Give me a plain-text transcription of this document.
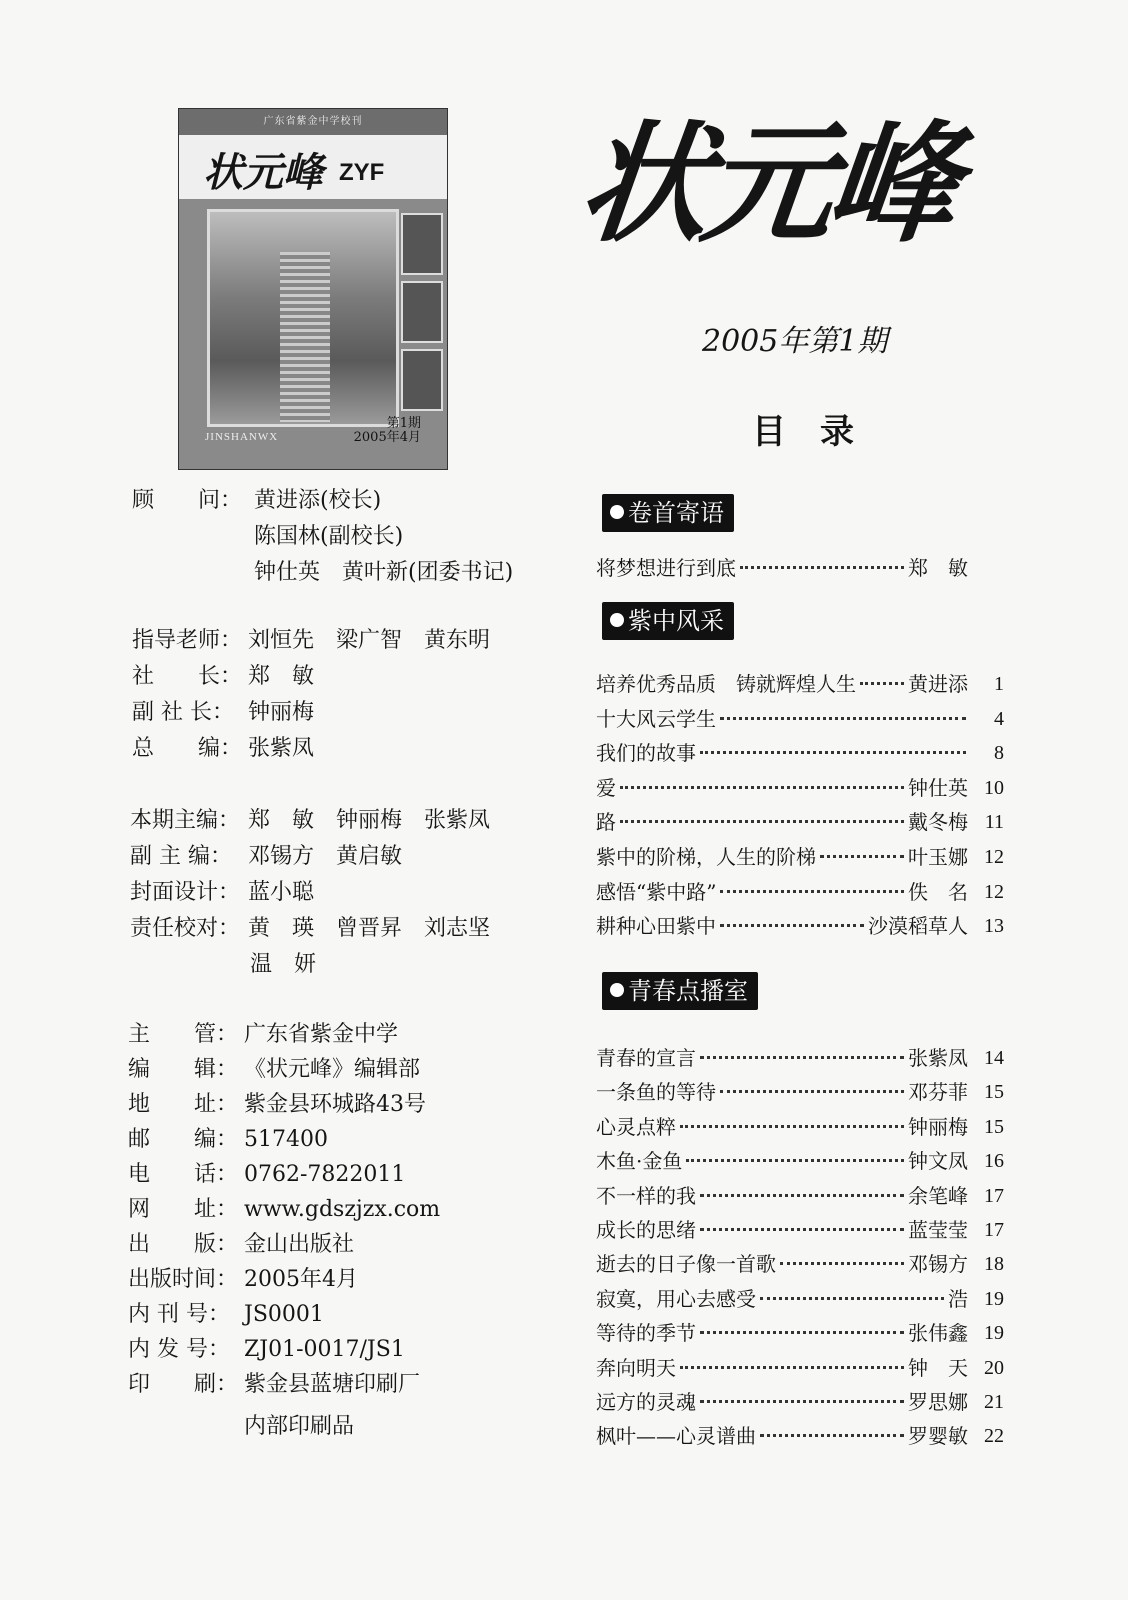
广东省紫金中学校刊
状元峰 ZYF
JINSHANWX
第1期
2005年4月
状元峰
2005年第1期
目录
顾　　问： 黄进添(校长)
陈国林(副校长)
钟仕英　黄叶新(团委书记)
指导老师： 刘恒先　梁广智　黄东明
社　　长： 郑　敏
副 社 长： 钟丽梅
总　　编： 张紫凤
本期主编： 郑　敏　钟丽梅　张紫凤
副 主 编： 邓锡方　黄启敏
封面设计： 蓝小聪
责任校对： 黄　瑛　曾晋昇　刘志坚
温　妍
主　　管： 广东省紫金中学
编　　辑： 《状元峰》编辑部
地　　址： 紫金县环城路43号
邮　　编： 517400
电　　话： 0762-7822011
网　　址： www.gdszjzx.com
出　　版： 金山出版社
出版时间： 2005年4月
内 刊 号： JS0001
内 发 号： ZJ01-0017/JS1
印　　刷： 紫金县蓝塘印刷厂
内部印刷品
卷首寄语
将梦想进行到底	郑　敏
紫中风采
培养优秀品质　铸就辉煌人生	黄进添	1
十大风云学生	4
我们的故事	8
爱	钟仕英 10
路	戴冬梅 11
紫中的阶梯，人生的阶梯	叶玉娜 12
感悟“紫中路”	佚　名 12
耕种心田紫中	沙漠稻草人 13
青春点播室
青春的宣言	张紫凤 14
一条鱼的等待	邓芬菲 15
心灵点粹	钟丽梅 15
木鱼·金鱼	钟文凤 16
不一样的我	余笔峰 17
成长的思绪	蓝莹莹 17
逝去的日子像一首歌	邓锡方 18
寂寞，用心去感受	浩 19
等待的季节	张伟鑫 19
奔向明天	钟　天 20
远方的灵魂	罗思娜 21
枫叶——心灵谱曲	罗婴敏 22
